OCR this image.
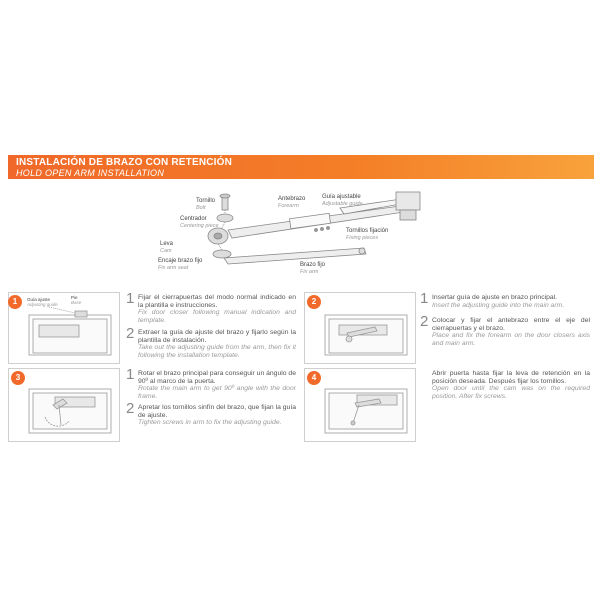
INSTALACIÓN DE BRAZO CON RETENCIÓN
HOLD OPEN ARM INSTALLATION
Tornillo
Bolt
Centrador
Centering piece
Leva
Cam
Encaje brazo fijo
Fix arm seat
Antebrazo
Forearm
Guía ajustable
Adjustable guide
Tornillos fijación
Fixing pieces
Brazo fijo
Fix arm
1	Guía ajuste
Adjusting guide
Pie
Base	1 Fijar el cierrapuertas del modo normal indicado en la plantilla e instrucciones.
Fix door closer following manual indication and template.
2 Extraer la guía de ajuste del brazo y fijarlo según la plantilla de instalación.
Take out the adjusting guide from the arm, then fix it following the installation template.
2	1 Insertar guía de ajuste en brazo principal.
Insert the adjusting guide into the main arm.
2 Colocar y fijar el antebrazo entre el eje del cierrapuertas y el brazo.
Place and fix the forearm on the door closers axis and main arm.
3	1 Rotar el brazo principal para conseguir un ángulo de 90º al marco de la puerta.
Rotate the main arm to get 90º angle with the door frame.
2 Apretar los tornillos sinfín del brazo, que fijan la guía de ajuste.
Tighten screws in arm to fix the adjusting guide.
4	Abrir puerta hasta fijar la leva de retención en la posición deseada. Después fijar los tornillos.
Open door until the cam was on the required position. After fix screws.
